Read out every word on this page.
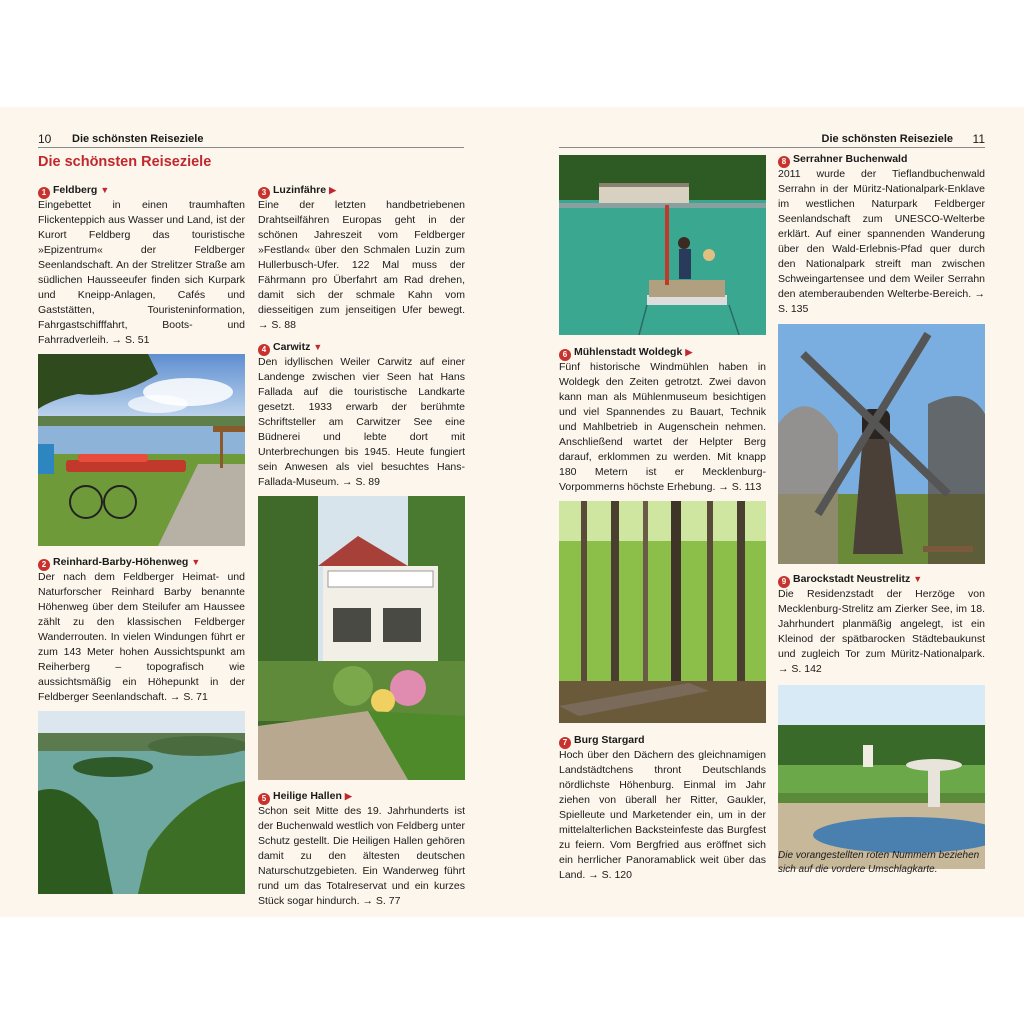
10 Die schönsten Reiseziele
Die schönsten Reiseziele
1 Feldberg ▼

Eingebettet in einen traumhaften Flickenteppich aus Wasser und Land, ist der Kurort Feldberg das touristische »Epizentrum« der Feldberger Seenlandschaft. An der Strelitzer Straße am südlichen Hausseeufer finden sich Kurpark und Kneipp-Anlagen, Cafés und Gaststätten, Touristeninformation, Fahrgastschifffahrt, Boots- und Fahrradverleih. → S. 51

2 Reinhard-Barby-Höhenweg ▼

Der nach dem Feldberger Heimat- und Naturforscher Reinhard Barby benannte Höhenweg über dem Steilufer am Haussee zählt zu den klassischen Feldberger Wanderrouten. In vielen Windungen führt er zum 143 Meter hohen Aussichtspunkt am Reiherberg – topografisch wie aussichtsmäßig ein Höhepunkt in der Feldberger Seenlandschaft. → S. 71

3 Luzinfähre ▶

Eine der letzten handbetriebenen Drahtseilfähren Europas geht in der schönen Jahreszeit vom Feldberger »Festland« über den Schmalen Luzin zum Hullerbusch-Ufer. 122 Mal muss der Fährmann pro Überfahrt am Rad drehen, damit sich der schmale Kahn vom diesseitigen zum jenseitigen Ufer bewegt. → S. 88

4 Carwitz ▼

Den idyllischen Weiler Carwitz auf einer Landenge zwischen vier Seen hat Hans Fallada auf die touristische Landkarte gesetzt. 1933 erwarb der berühmte Schriftsteller am Carwitzer See eine Büdnerei und lebte dort mit Unterbrechungen bis 1945. Heute fungiert sein Anwesen als viel besuchtes Hans-Fallada-Museum. → S. 89

5 Heilige Hallen ▶

Schon seit Mitte des 19. Jahrhunderts ist der Buchenwald westlich von Feldberg unter Schutz gestellt. Die Heiligen Hallen gehören damit zu den ältesten deutschen Naturschutzgebieten. Ein Wanderweg führt rund um das Totalreservat und ein kurzes Stück sogar hindurch. → S. 77

Die schönsten Reiseziele 11
6 Mühlenstadt Woldegk ▶

Fünf historische Windmühlen haben in Woldegk den Zeiten getrotzt. Zwei davon kann man als Mühlenmuseum besichtigen und viel Spannendes zu Bauart, Technik und Mahlbetrieb in Augenschein nehmen. Anschließend wartet der Helpter Berg darauf, erklommen zu werden. Mit knapp 180 Metern ist er Mecklenburg-Vorpommerns höchste Erhebung. → S. 113

7 Burg Stargard

Hoch über den Dächern des gleichnamigen Landstädtchens thront Deutschlands nördlichste Höhenburg. Einmal im Jahr ziehen von überall her Ritter, Gaukler, Spielleute und Marketender ein, um in der mittelalterlichen Backsteinfeste das Burgfest zu feiern. Vom Bergfried aus eröffnet sich ein herrlicher Panoramablick weit über das Land. → S. 120

8 Serrahner Buchenwald

2011 wurde der Tieflandbuchenwald Serrahn in der Müritz-Nationalpark-Enklave im westlichen Naturpark Feldberger Seenlandschaft zum UNESCO-Welterbe erklärt. Auf einer spannenden Wanderung über den Wald-Erlebnis-Pfad quer durch den Nationalpark streift man zwischen Schweingartensee und dem Weiler Serrahn den atemberaubenden Welterbe-Bereich. → S. 135

9 Barockstadt Neustrelitz ▼

Die Residenzstadt der Herzöge von Mecklenburg-Strelitz am Zierker See, im 18. Jahrhundert planmäßig angelegt, ist ein Kleinod der spätbarocken Städtebaukunst und zugleich Tor zum Müritz-Nationalpark. → S. 142

Die vorangestellten roten Nummern beziehen sich auf die vordere Umschlagkarte.
